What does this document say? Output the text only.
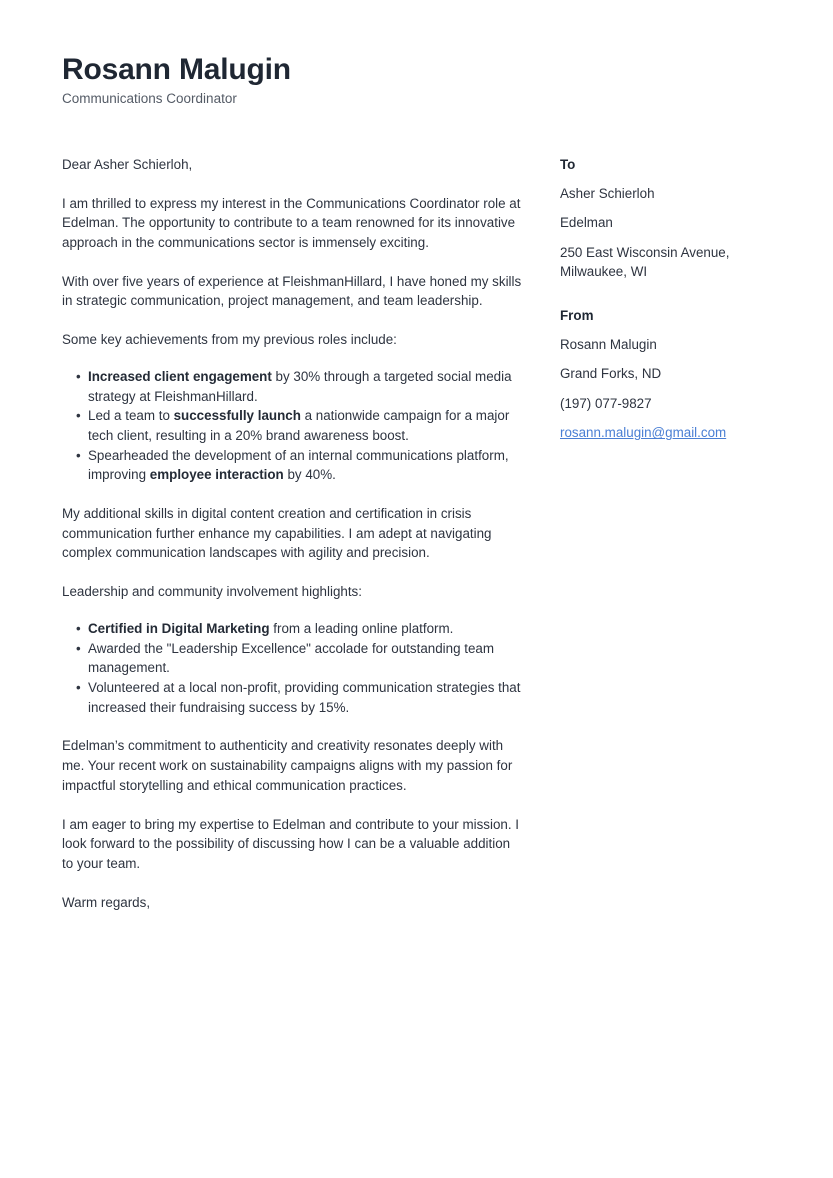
Rosann Malugin
Communications Coordinator

Dear Asher Schierloh,

I am thrilled to express my interest in the Communications Coordinator role at Edelman. The opportunity to contribute to a team renowned for its innovative approach in the communications sector is immensely exciting.

With over five years of experience at FleishmanHillard, I have honed my skills in strategic communication, project management, and team leadership.

Some key achievements from my previous roles include:

• Increased client engagement by 30% through a targeted social media strategy at FleishmanHillard.
• Led a team to successfully launch a nationwide campaign for a major tech client, resulting in a 20% brand awareness boost.
• Spearheaded the development of an internal communications platform, improving employee interaction by 40%.

My additional skills in digital content creation and certification in crisis communication further enhance my capabilities. I am adept at navigating complex communication landscapes with agility and precision.

Leadership and community involvement highlights:

• Certified in Digital Marketing from a leading online platform.
• Awarded the "Leadership Excellence" accolade for outstanding team management.
• Volunteered at a local non-profit, providing communication strategies that increased their fundraising success by 15%.

Edelman’s commitment to authenticity and creativity resonates deeply with me. Your recent work on sustainability campaigns aligns with my passion for impactful storytelling and ethical communication practices.

I am eager to bring my expertise to Edelman and contribute to your mission. I look forward to the possibility of discussing how I can be a valuable addition to your team.

Warm regards,

To
Asher Schierloh
Edelman
250 East Wisconsin Avenue, Milwaukee, WI
From
Rosann Malugin
Grand Forks, ND
(197) 077-9827
rosann.malugin@gmail.com
